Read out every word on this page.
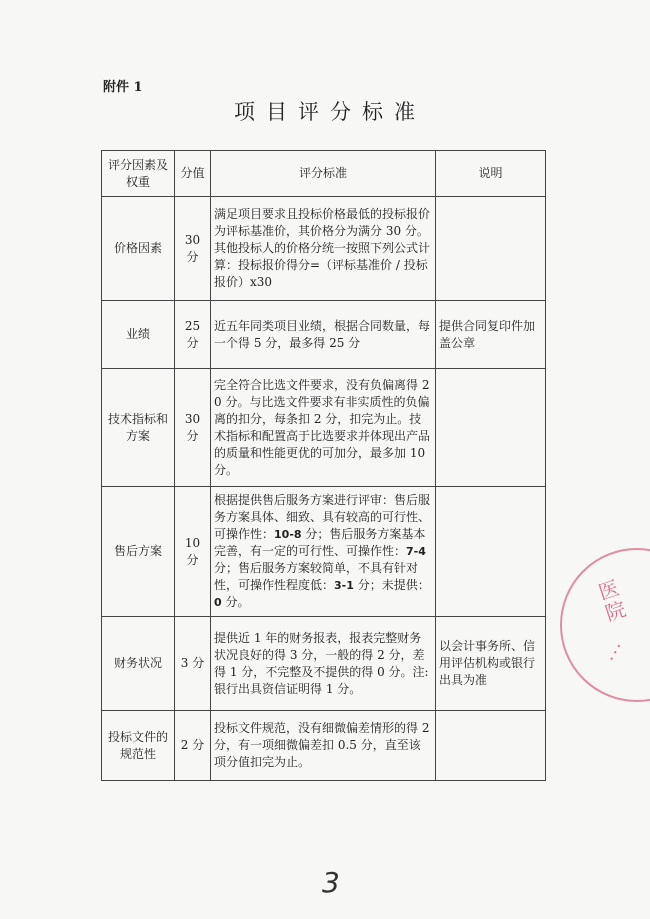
附件 1
项目评分标准
评分因素及权重	分值	评分标准	说明
价格因素	30 分	满足项目要求且投标价格最低的投标报价为评标基准价，其价格分为满分 30 分。其他投标人的价格分统一按照下列公式计算：投标报价得分=（评标基准价 / 投标报价）x30	
业绩	25 分	近五年同类项目业绩，根据合同数量，每一个得 5 分，最多得 25 分	提供合同复印件加盖公章
技术指标和方案	30 分	完全符合比选文件要求，没有负偏离得 20 分。与比选文件要求有非实质性的负偏离的扣分，每条扣 2 分，扣完为止。技术指标和配置高于比选要求并体现出产品的质量和性能更优的可加分，最多加 10 分。	
售后方案	10 分	根据提供售后服务方案进行评审：售后服务方案具体、细致、具有较高的可行性、可操作性：10-8 分；售后服务方案基本完善，有一定的可行性、可操作性：7-4 分；售后服务方案较简单，不具有针对性，可操作性程度低：3-1 分；未提供：0 分。	
财务状况	3 分	提供近 1 年的财务报表，报表完整财务状况良好的得 3 分，一般的得 2 分，差得 1 分，不完整及不提供的得 0 分。注:银行出具资信证明得 1 分。	以会计事务所、信用评估机构或银行出具为准
投标文件的规范性	2 分	投标文件规范，没有细微偏差情形的得 2 分，有一项细微偏差扣 0.5 分，直至该项分值扣完为止。	
医院
• • •
3
